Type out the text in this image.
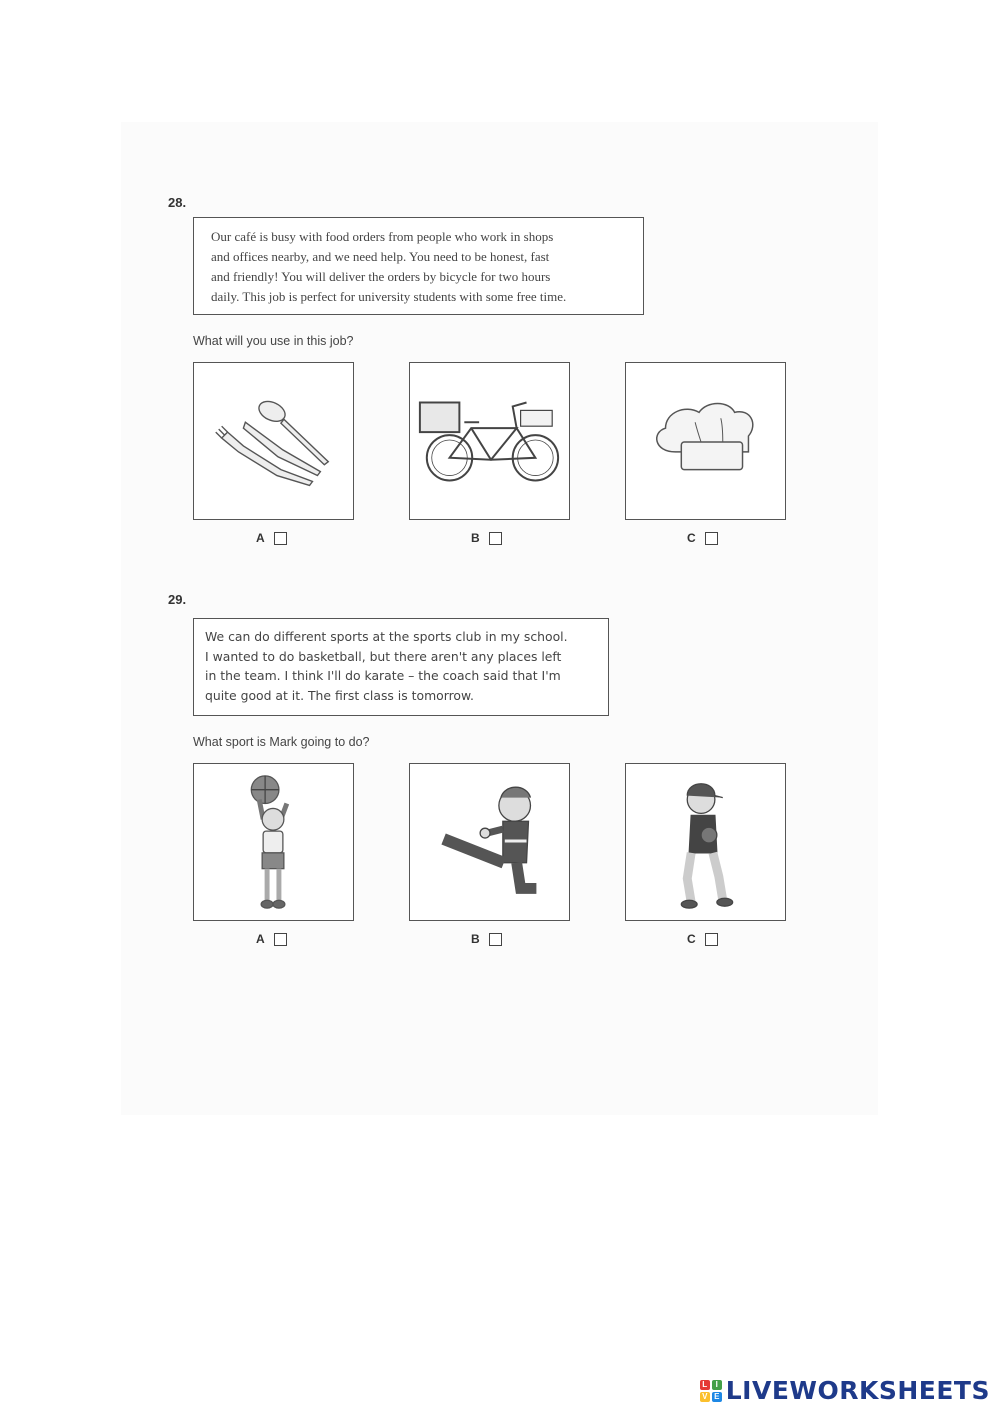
28.

Our café is busy with food orders from people who work in shops

and offices nearby, and we need help. You need to be honest, fast

and friendly! You will deliver the orders by bicycle for two hours

daily. This job is perfect for university students with some free time.

What will you use in this job?
A	B	C
29.

We can do different sports at the sports club in my school.

I wanted to do basketball, but there aren't any places left

in the team. I think I'll do karate – the coach said that I'm

quite good at it. The first class is tomorrow.

What sport is Mark going to do?
A	B	C
L	I
V E LIVEWORKSHEETS
